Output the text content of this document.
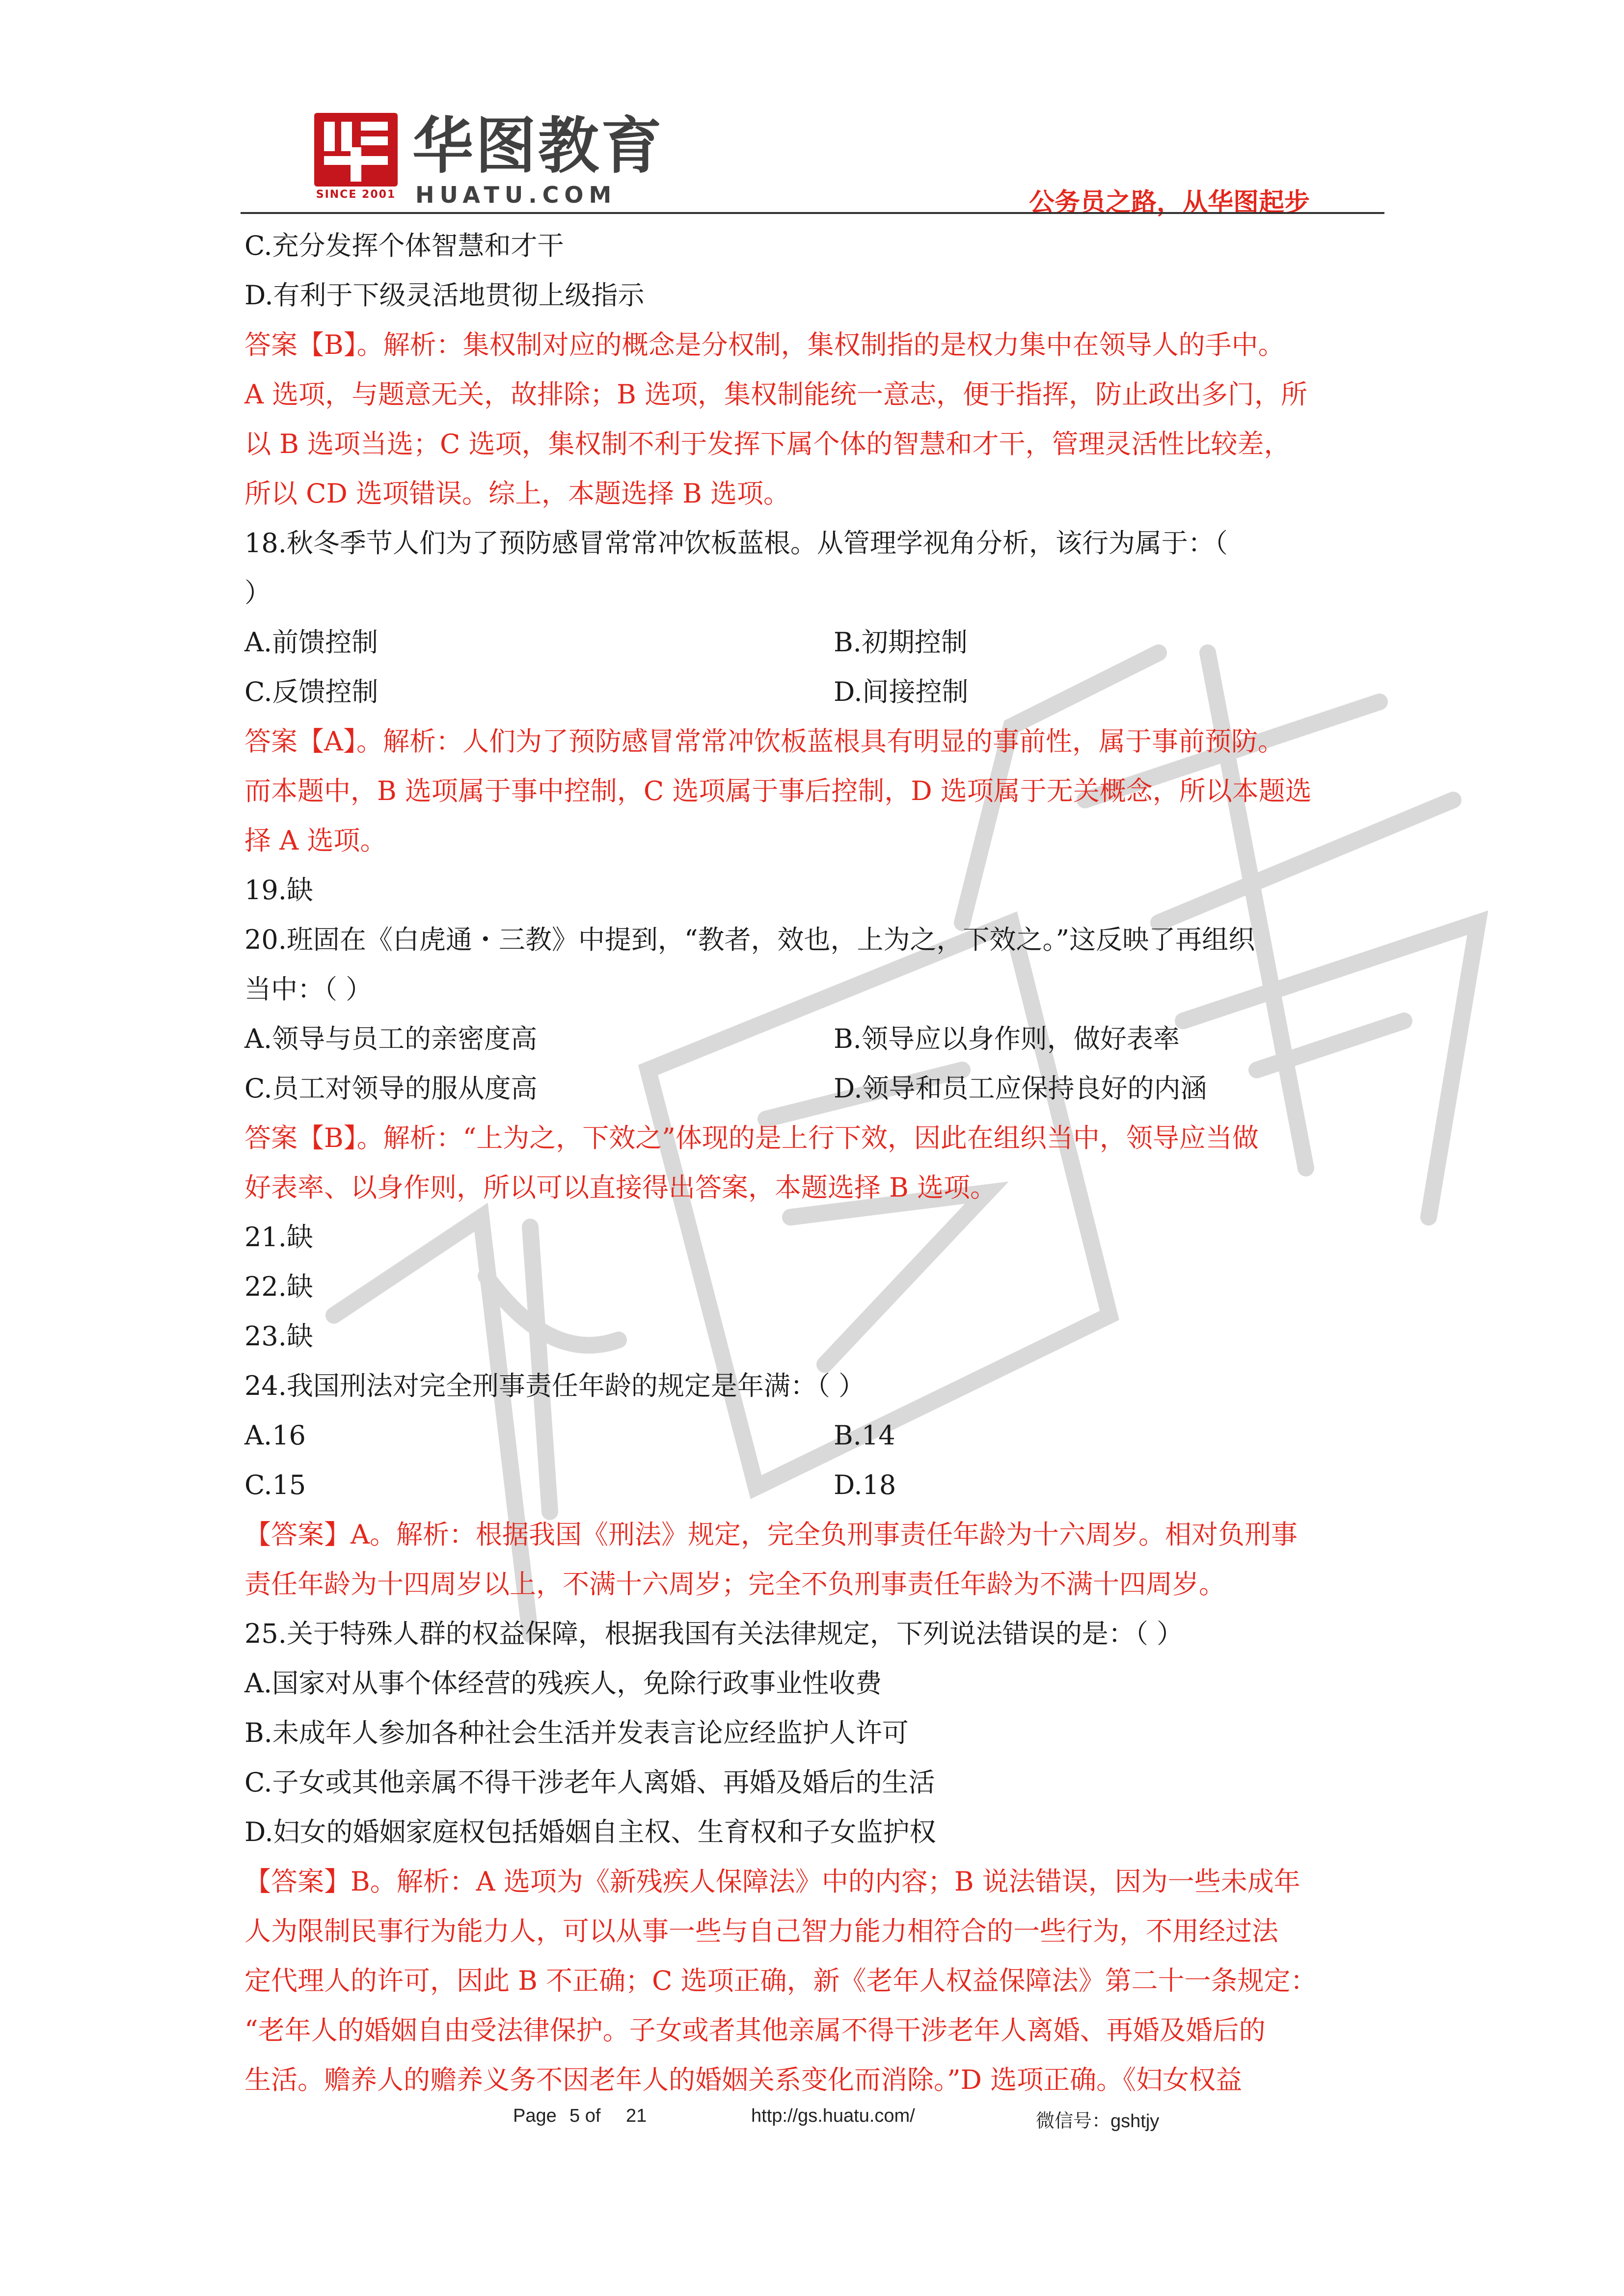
SINCE 2001
华图教育
HUATU.COM	公务员之路，从华图起步
C.充分发挥个体智慧和才干
D.有利于下级灵活地贯彻上级指示
答案【B】。解析：集权制对应的概念是分权制，集权制指的是权力集中在领导人的手中。
A 选项，与题意无关，故排除；B 选项，集权制能统一意志，便于指挥，防止政出多门，所
以 B 选项当选；C 选项，集权制不利于发挥下属个体的智慧和才干，管理灵活性比较差，
所以 CD 选项错误。综上，本题选择 B 选项。
18.秋冬季节人们为了预防感冒常常冲饮板蓝根。从管理学视角分析，该行为属于：（
）
A.前馈控制	B.初期控制
C.反馈控制	D.间接控制
答案【A】。解析：人们为了预防感冒常常冲饮板蓝根具有明显的事前性，属于事前预防。
而本题中，B 选项属于事中控制，C 选项属于事后控制，D 选项属于无关概念，所以本题选
择 A 选项。
19.缺
20.班固在《白虎通・三教》中提到，“教者，效也，上为之，下效之。”这反映了再组织
当中：（ ）
A.领导与员工的亲密度高	B.领导应以身作则，做好表率
C.员工对领导的服从度高	D.领导和员工应保持良好的内涵
答案【B】。解析：“上为之，下效之”体现的是上行下效，因此在组织当中，领导应当做
好表率、以身作则，所以可以直接得出答案，本题选择 B 选项。
21.缺
22.缺
23.缺
24.我国刑法对完全刑事责任年龄的规定是年满：（ ）
A.16	B.14
C.15	D.18
【答案】A。解析：根据我国《刑法》规定，完全负刑事责任年龄为十六周岁。相对负刑事
责任年龄为十四周岁以上，不满十六周岁；完全不负刑事责任年龄为不满十四周岁。
25.关于特殊人群的权益保障，根据我国有关法律规定，下列说法错误的是：（ ）
A.国家对从事个体经营的残疾人，免除行政事业性收费
B.未成年人参加各种社会生活并发表言论应经监护人许可
C.子女或其他亲属不得干涉老年人离婚、再婚及婚后的生活
D.妇女的婚姻家庭权包括婚姻自主权、生育权和子女监护权
【答案】B。解析：A 选项为《新残疾人保障法》中的内容；B 说法错误，因为一些未成年
人为限制民事行为能力人，可以从事一些与自己智力能力相符合的一些行为，不用经过法
定代理人的许可，因此 B 不正确；C 选项正确，新《老年人权益保障法》第二十一条规定：
“老年人的婚姻自由受法律保护。子女或者其他亲属不得干涉老年人离婚、再婚及婚后的
生活。赡养人的赡养义务不因老年人的婚姻关系变化而消除。”D 选项正确。《妇女权益
Page 5 of 21	http://gs.huatu.com/	微信号：gshtjy
